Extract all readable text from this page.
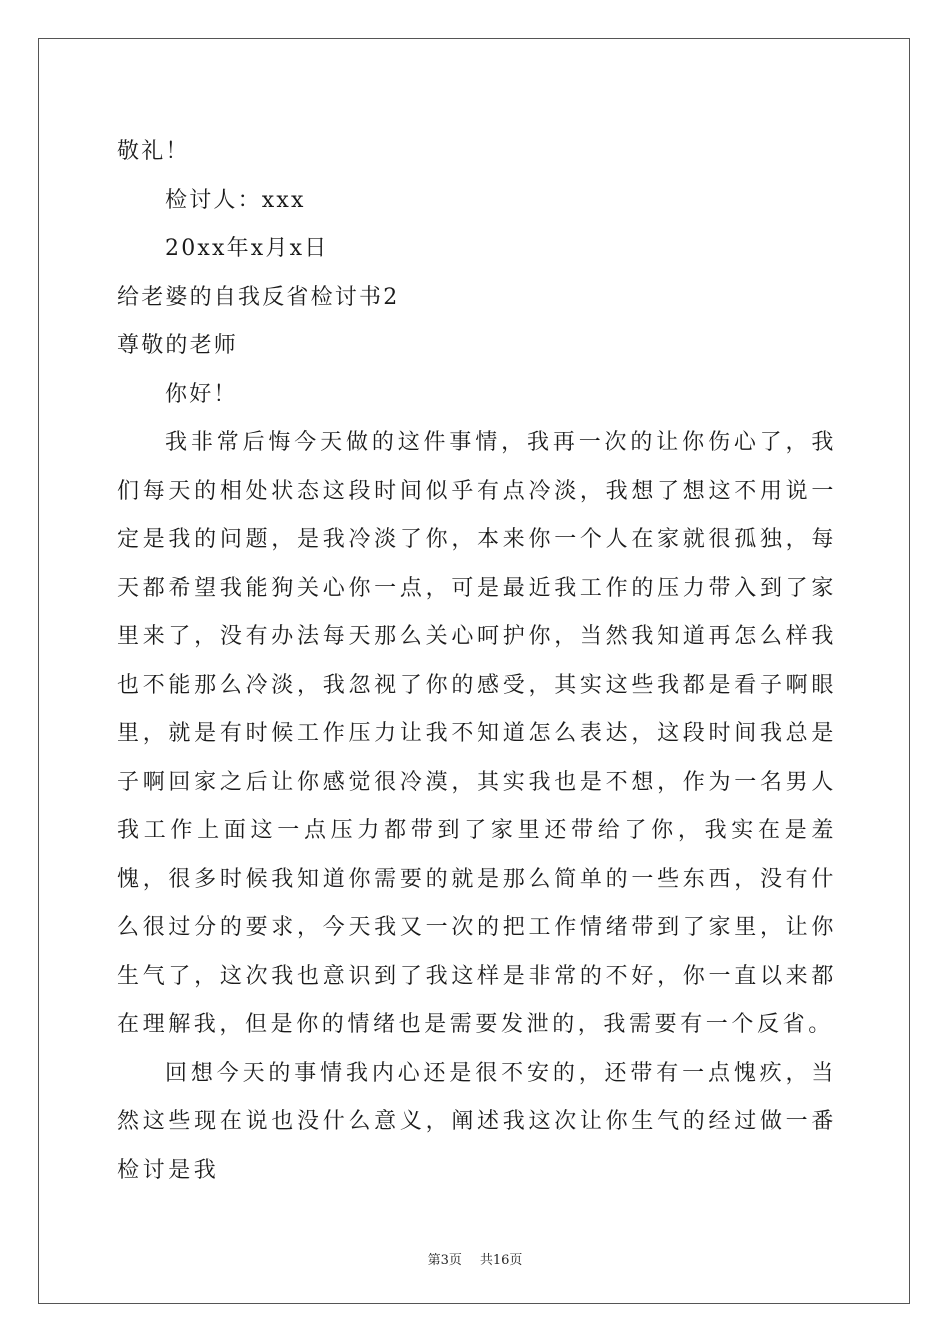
敬礼！
检讨人：xxx
20xx年x月x日
给老婆的自我反省检讨书2
尊敬的老师
你好！

我非常后悔今天做的这件事情，我再一次的让你伤心了，我们每天的相处状态这段时间似乎有点冷淡，我想了想这不用说一定是我的问题，是我冷淡了你，本来你一个人在家就很孤独，每天都希望我能狗关心你一点，可是最近我工作的压力带入到了家里来了，没有办法每天那么关心呵护你，当然我知道再怎么样我也不能那么冷淡，我忽视了你的感受，其实这些我都是看子啊眼里，就是有时候工作压力让我不知道怎么表达，这段时间我总是子啊回家之后让你感觉很冷漠，其实我也是不想，作为一名男人我工作上面这一点压力都带到了家里还带给了你，我实在是羞愧，很多时候我知道你需要的就是那么简单的一些东西，没有什么很过分的要求，今天我又一次的把工作情绪带到了家里，让你生气了，这次我也意识到了我这样是非常的不好，你一直以来都在理解我，但是你的情绪也是需要发泄的，我需要有一个反省。

回想今天的事情我内心还是很不安的，还带有一点愧疚，当然这些现在说也没什么意义，阐述我这次让你生气的经过做一番检讨是我

第3页 共16页
